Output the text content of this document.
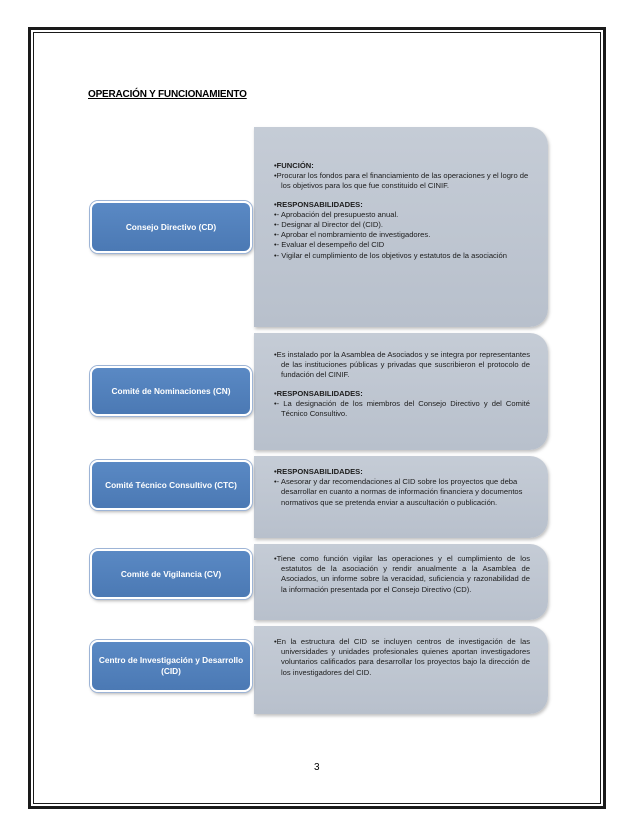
OPERACIÓN Y FUNCIONAMIENTO
•FUNCIÓN:
•Procurar los fondos para el financiamiento de las operaciones y el logro de los objetivos para los que fue constituido el CINIF.
•RESPONSABILIDADES:
•- Aprobación del presupuesto anual.
•- Designar al Director del (CID).
•- Aprobar el nombramiento de investigadores.
•- Evaluar el desempeño del CID
•- Vigilar el cumplimiento de los objetivos y estatutos de la asociación
Consejo Directivo (CD)
•Es instalado por la Asamblea de Asociados y se integra por representantes de las instituciones públicas y privadas que suscribieron el protocolo de fundación del CINIF.
•RESPONSABILIDADES:
•- La designación de los miembros del Consejo Directivo y del Comité Técnico Consultivo.
Comité de Nominaciones (CN)
•RESPONSABILIDADES:
•- Asesorar y dar recomendaciones al CID sobre los proyectos que deba desarrollar en cuanto a normas de información financiera y documentos normativos que se pretenda enviar a auscultación o publicación.
Comité Técnico Consultivo (CTC)
•Tiene como función vigilar las operaciones y el cumplimiento de los estatutos de la asociación y rendir anualmente a la Asamblea de Asociados, un informe sobre la veracidad, suficiencia y razonabilidad de la información presentada por el Consejo Directivo (CD).
Comité de Vigilancia (CV)
•En la estructura del CID se incluyen centros de investigación de las universidades y unidades profesionales quienes aportan investigadores voluntarios calificados para desarrollar los proyectos bajo la dirección de los investigadores del CID.
Centro de Investigación y Desarrollo (CID)
3
